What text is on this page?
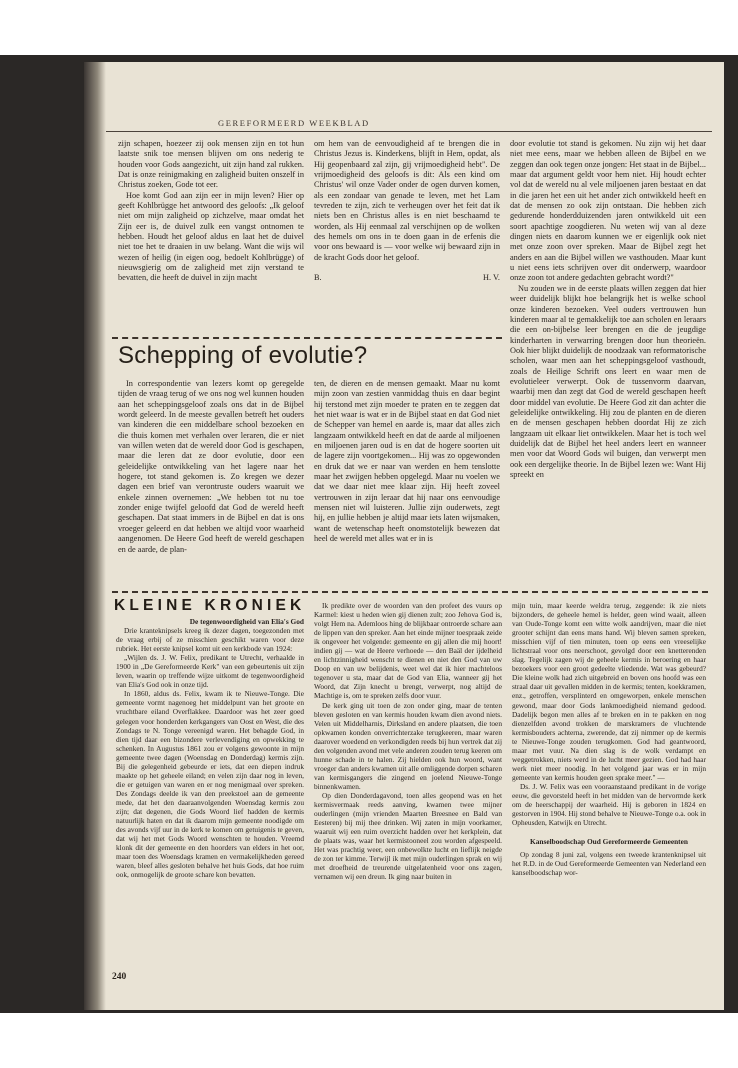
GEREFORMEERD WEEKBLAD

zijn schapen, hoezeer zij ook mensen zijn en tot hun laatste snik toe mensen blijven om ons nederig te houden voor Gods aangezicht, uit zijn hand zal rukken. Dat is onze reinigmaking en zaligheid buiten onszelf in Christus zoeken, Gode tot eer.

Hoe komt God aan zijn eer in mijn leven? Hier op geeft Kohlbrügge het antwoord des geloofs: „Ik geloof niet om mijn zaligheid op zichzelve, maar omdat het Zijn eer is, de duivel zulk een vangst ontnomen te hebben. Houdt het geloof aldus en laat het de duivel niet toe het te draaien in uw belang. Want die wijs wil wezen of heilig (in eigen oog, bedoelt Kohlbrügge) of nieuwsgierig om de zaligheid met zijn verstand te bevatten, die heeft de duivel in zijn macht

om hem van de eenvoudigheid af te brengen die in Christus Jezus is. Kinderkens, blijft in Hem, opdat, als Hij geopenbaard zal zijn, gij vrijmoedigheid hebt". De vrijmoedigheid des geloofs is dit: Als een kind om Christus' wil onze Vader onder de ogen durven komen, als een zondaar van genade te leven, met het Lam tevreden te zijn, zich te verheugen over het feit dat ik niets ben en Christus alles is en niet beschaamd te worden, als Hij eenmaal zal verschijnen op de wolken des hemels om ons in te doen gaan in de erfenis die voor ons bewaard is — voor welke wij bewaard zijn in de kracht Gods door het geloof.

B.	H. V.

door evolutie tot stand is gekomen. Nu zijn wij het daar niet mee eens, maar we hebben alleen de Bijbel en we zeggen dan ook tegen onze jongen: Het staat in de Bijbel... maar dat argument geldt voor hem niet. Hij houdt echter vol dat de wereld nu al vele miljoenen jaren bestaat en dat in die jaren het een uit het ander zich ontwikkeld heeft en dat de mensen zo ook zijn ontstaan. Die hebben zich gedurende honderdduizenden jaren ontwikkeld uit een soort apachtige zoogdieren. Nu weten wij van al deze dingen niets en daarom kunnen we er eigenlijk ook niet met onze zoon over spreken. Maar de Bijbel zegt het anders en aan die Bijbel willen we vasthouden. Maar kunt u niet eens iets schrijven over dit onderwerp, waardoor onze zoon tot andere gedachten gebracht wordt?"

Nu zouden we in de eerste plaats willen zeggen dat hier weer duidelijk blijkt hoe belangrijk het is welke school onze kinderen bezoeken. Veel ouders vertrouwen hun kinderen maar al te gemakkelijk toe aan scholen en leraars die een on-bijbelse leer brengen en die de jeugdige kinderharten in verwarring brengen door hun theorieën. Ook hier blijkt duidelijk de noodzaak van reformatorische scholen, waar men aan het scheppingsgeloof vasthoudt, zoals de Heilige Schrift ons leert en waar men de evolutieleer verwerpt. Ook de tussenvorm daarvan, waarbij men dan zegt dat God de wereld geschapen heeft door middel van evolutie. De Heere God zit dan achter die geleidelijke ontwikkeling. Hij zou de planten en de dieren en de mensen geschapen hebben doordat Hij ze zich langzaam uit elkaar liet ontwikkelen. Maar het is toch wel duidelijk dat de Bijbel het heel anders leert en wanneer men voor dat Woord Gods wil buigen, dan verwerpt men ook een dergelijke theorie. In de Bijbel lezen we: Want Hij spreekt en

Schepping of evolutie?

In correspondentie van lezers komt op geregelde tijden de vraag terug of we ons nog wel kunnen houden aan het scheppingsgeloof zoals ons dat in de Bijbel wordt geleerd. In de meeste gevallen betreft het ouders van kinderen die een middelbare school bezoeken en die thuis komen met verhalen over leraren, die er niet van willen weten dat de wereld door God is geschapen, maar die leren dat ze door evolutie, door een geleidelijke ontwikkeling van het lagere naar het hogere, tot stand gekomen is. Zo kregen we dezer dagen een brief van verontruste ouders waaruit we enkele zinnen overnemen: „We hebben tot nu toe zonder enige twijfel geloofd dat God de wereld heeft geschapen. Dat staat immers in de Bijbel en dat is ons vroeger geleerd en dat hebben we altijd voor waarheid aangenomen. De Heere God heeft de wereld geschapen en de aarde, de plan-

ten, de dieren en de mensen gemaakt. Maar nu komt mijn zoon van zestien vanmiddag thuis en daar begint hij terstond met zijn moeder te praten en te zeggen dat het niet waar is wat er in de Bijbel staat en dat God niet de Schepper van hemel en aarde is, maar dat alles zich langzaam ontwikkeld heeft en dat de aarde al miljoenen en miljoenen jaren oud is en dat de hogere soorten uit de lagere zijn voortgekomen... Hij was zo opgewonden en druk dat we er naar van werden en hem tenslotte maar het zwijgen hebben opgelegd. Maar nu voelen we dat we daar niet mee klaar zijn. Hij heeft zoveel vertrouwen in zijn leraar dat hij naar ons eenvoudige mensen niet wil luisteren. Jullie zijn ouderwets, zegt hij, en jullie hebben je altijd maar iets laten wijsmaken, want de wetenschap heeft onomstotelijk bewezen dat heel de wereld met alles wat er in is

KLEINE KRONIEK

De tegenwoordigheid van Elia's God

Drie kranteknipsels kreeg ik dezer dagen, toegezonden met de vraag erbij of ze misschien geschikt waren voor deze rubriek. Het eerste knipsel komt uit een kerkbode van 1924:

„Wijlen ds. J. W. Felix, predikant te Utrecht, verhaalde in 1900 in „De Gereformeerde Kerk" van een gebeurtenis uit zijn leven, waarin op treffende wijze uitkomt de tegenwoordigheid van Elia's God ook in onze tijd.

In 1860, aldus ds. Felix, kwam ik te Nieuwe-Tonge. Die gemeente vormt nagenoeg het middelpunt van het groote en vruchtbare eiland Overflakkee. Daardoor was het zeer goed gelegen voor honderden kerkgangers van Oost en West, die des Zondags te N. Tonge vereenigd waren. Het behagde God, in dien tijd daar een bizondere verlevendiging en opwekking te schenken. In Augustus 1861 zou er volgens gewoonte in mijn gemeente twee dagen (Woensdag en Donderdag) kermis zijn. Bij die gelegenheid gebeurde er iets, dat een diepen indruk maakte op het geheele eiland; en velen zijn daar nog in leven, die er getuigen van waren en er nog menigmaal over spreken. Des Zondags deelde ik van den preekstoel aan de gemeente mede, dat het den daaraanvolgenden Woensdag kermis zou zijn; dat degenen, die Gods Woord lief hadden de kermis natuurlijk haten en dat ik daarom mijn gemeente noodigde om des avonds vijf uur in de kerk te komen om getuigenis te geven, dat wij het met Gods Woord wenschten te houden. Vreemd klonk dit der gemeente en den hoorders van elders in het oor, maar toen des Woensdags kramen en vermakelijkheden gereed waren, bleef alles gesloten behalve het huis Gods, dat hoe ruim ook, onmogelijk de groote schare kon bevatten.

Ik predikte over de woorden van den profeet des vuurs op Karmel: kiest u heden wien gij dienen zult; zoo Jehova God is, volgt Hem na. Ademloos hing de blijkbaar ontroerde schare aan de lippen van den spreker. Aan het einde mijner toespraak zeide ik ongeveer het volgende: gemeente en gij allen die mij hoort! indien gij — wat de Heere verhoede — den Baäl der ijdelheid en lichtzinnigheid wenscht te dienen en niet den God van uw Doop en van uw belijdenis, weet wel dat ik hier machteloos tegenover u sta, maar dat de God van Elia, wanneer gij het Woord, dat Zijn knecht u brengt, verwerpt, nog altijd de Machtige is, om te spreken zelfs door vuur.

De kerk ging uit toen de zon onder ging, maar de tenten bleven gesloten en van kermis houden kwam dien avond niets. Velen uit Middelharnis, Dirksland en andere plaatsen, die toen opkwamen konden onverrichterzake terugkeeren, maar waren daarover woedend en verkondigden reeds bij hun vertrek dat zij den volgenden avond met vele anderen zouden terug keeren om hunne schade in te halen. Zij hielden ook hun woord, want vroeger dan anders kwamen uit alle omliggende dorpen scharen van kermisgangers die zingend en joelend Nieuwe-Tonge binnenkwamen.

Op dien Donderdagavond, toen alles geopend was en het kermisvermaak reeds aanving, kwamen twee mijner ouderlingen (mijn vrienden Maarten Breesnee en Bald van Eesteren) bij mij thee drinken. Wij zaten in mijn voorkamer, waaruit wij een ruim overzicht hadden over het kerkplein, dat de plaats was, waar het kermistooneel zou worden afgespeeld. Het was prachtig weer, een onbewolkte lucht en lieflijk neigde de zon ter kimme. Terwijl ik met mijn ouderlingen sprak en wij met droefheid de treurende uitgelatenheid voor ons zagen, vernamen wij een dreun. Ik ging naar buiten in

mijn tuin, maar keerde weldra terug, zeggende: ik zie niets bijzonders, de geheele hemel is helder, geen wind waait, alleen van Oude-Tonge komt een witte wolk aandrijven, maar die niet grooter schijnt dan eens mans hand. Wij bleven samen spreken, misschien vijf of tien minuten, toen op eens een vreeselijke lichtstraal voor ons neerschoot, gevolgd door een knetterenden slag. Tegelijk zagen wij de geheele kermis in beroering en haar bezoekers voor een groot gedeelte vliedende. Wat was gebeurd? Die kleine wolk had zich uitgebreid en boven ons hoofd was een straal daar uit gevallen midden in de kermis; tenten, koekkramen, enz., getroffen, versplinterd en omgeworpen, enkele menschen gewond, maar door Gods lankmoedigheid niemand gedood. Dadelijk begon men alles af te breken en in te pakken en nog dienzelfden avond trokken de marskramers de vluchtende kermisbouders achterna, zwerende, dat zij nimmer op de kermis te Nieuwe-Tonge zouden terugkomen. God had geantwoord, maar met vuur. Na dien slag is de wolk verdampt en weggetrokken, niets werd in de lucht meer gezien. God had haar werk niet meer noodig. In het volgend jaar was er in mijn gemeente van kermis houden geen sprake meer." —

Ds. J. W. Felix was een vooraanstaand predikant in de vorige eeuw, die gevorsteld heeft in het midden van de hervormde kerk om de heerschappij der waarheid. Hij is geboren in 1824 en gestorven in 1904. Hij stond behalve te Nieuwe-Tonge o.a. ook in Opheusden, Katwijk en Utrecht.

Kanselboodschap Oud Gereformeerde Gemeenten

Op zondag 8 juni zal, volgens een tweede krantenknipsel uit het R.D. in de Oud Gereformeerde Gemeenten van Nederland een kanselboodschap wor-

240
